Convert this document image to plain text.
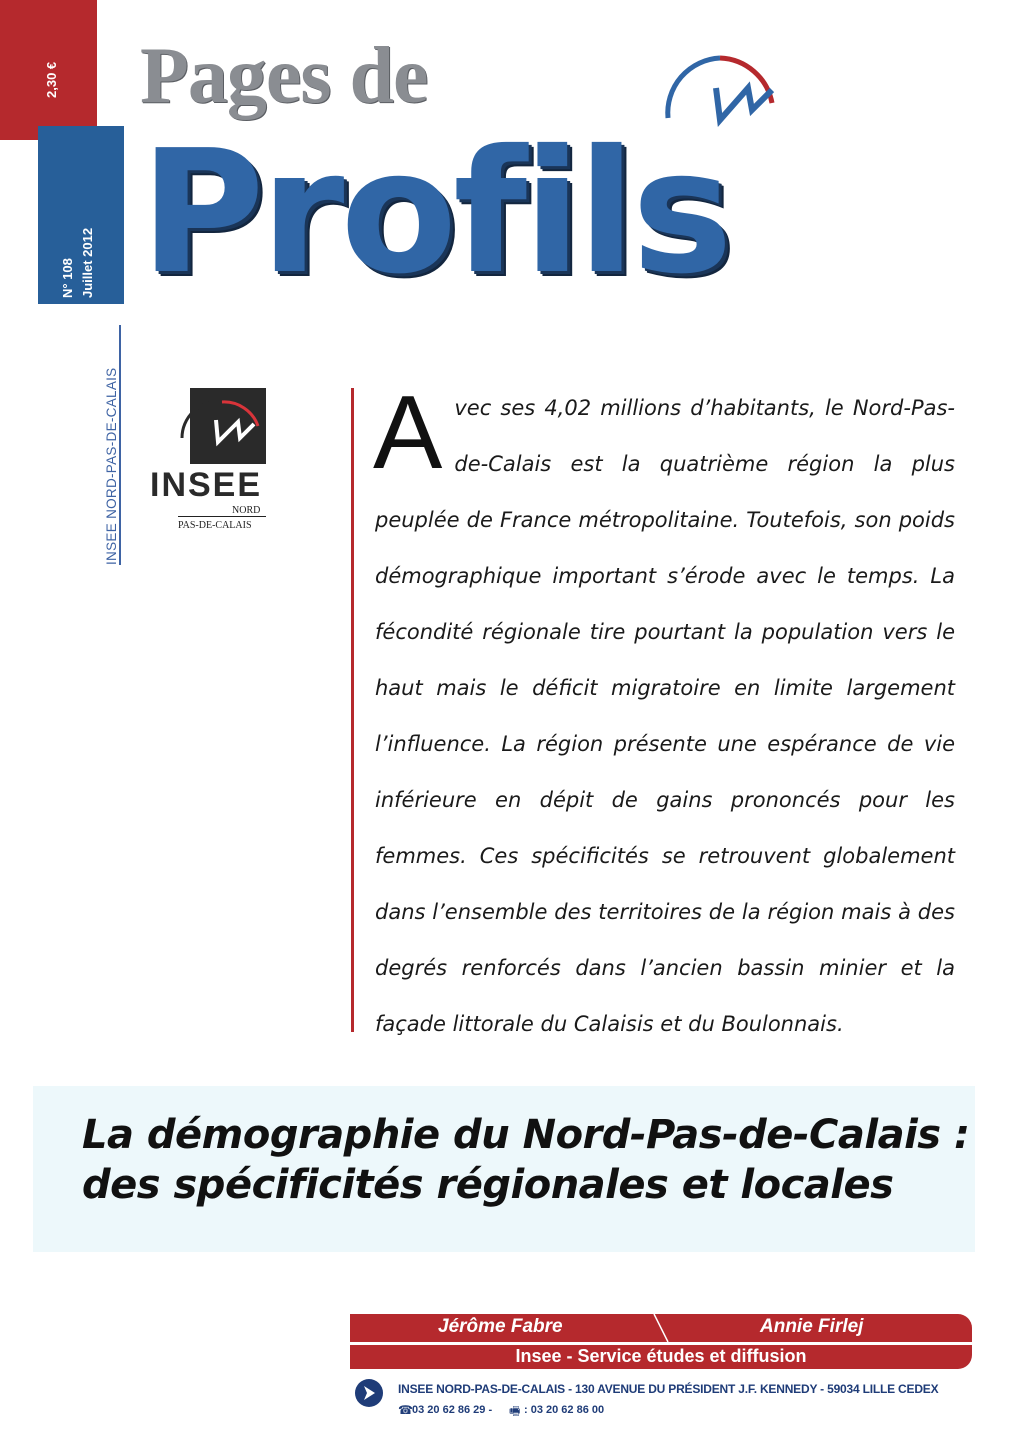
2,30 €
N° 108 Juillet 2012
INSEE NORD-PAS-DE-CALAIS
Pages de
Profils
INSEE
NORD
PAS-DE-CALAIS
Avec ses 4,02 millions d’habitants, le Nord-Pas-de-Calais est la quatrième région la plus peuplée de France métropolitaine. Toutefois, son poids démographique important s’érode avec le temps. La fécondité régionale tire pourtant la population vers le haut mais le déficit migratoire en limite largement l’influence. La région présente une espérance de vie inférieure en dépit de gains prononcés pour les femmes. Ces spécificités se retrouvent globalement dans l’ensemble des territoires de la région mais à des degrés renforcés dans l’ancien bassin minier et la façade littorale du Calaisis et du Boulonnais.
La démographie du Nord-Pas-de-Calais :
des spécificités régionales et locales
Jérôme Fabre	Annie Firlej
Insee - Service études et diffusion
INSEE NORD-PAS-DE-CALAIS - 130 AVENUE DU PRÉSIDENT J.F. KENNEDY - 59034 LILLE CEDEX
☎ 03 20 62 86 29 - 🖷 : 03 20 62 86 00
